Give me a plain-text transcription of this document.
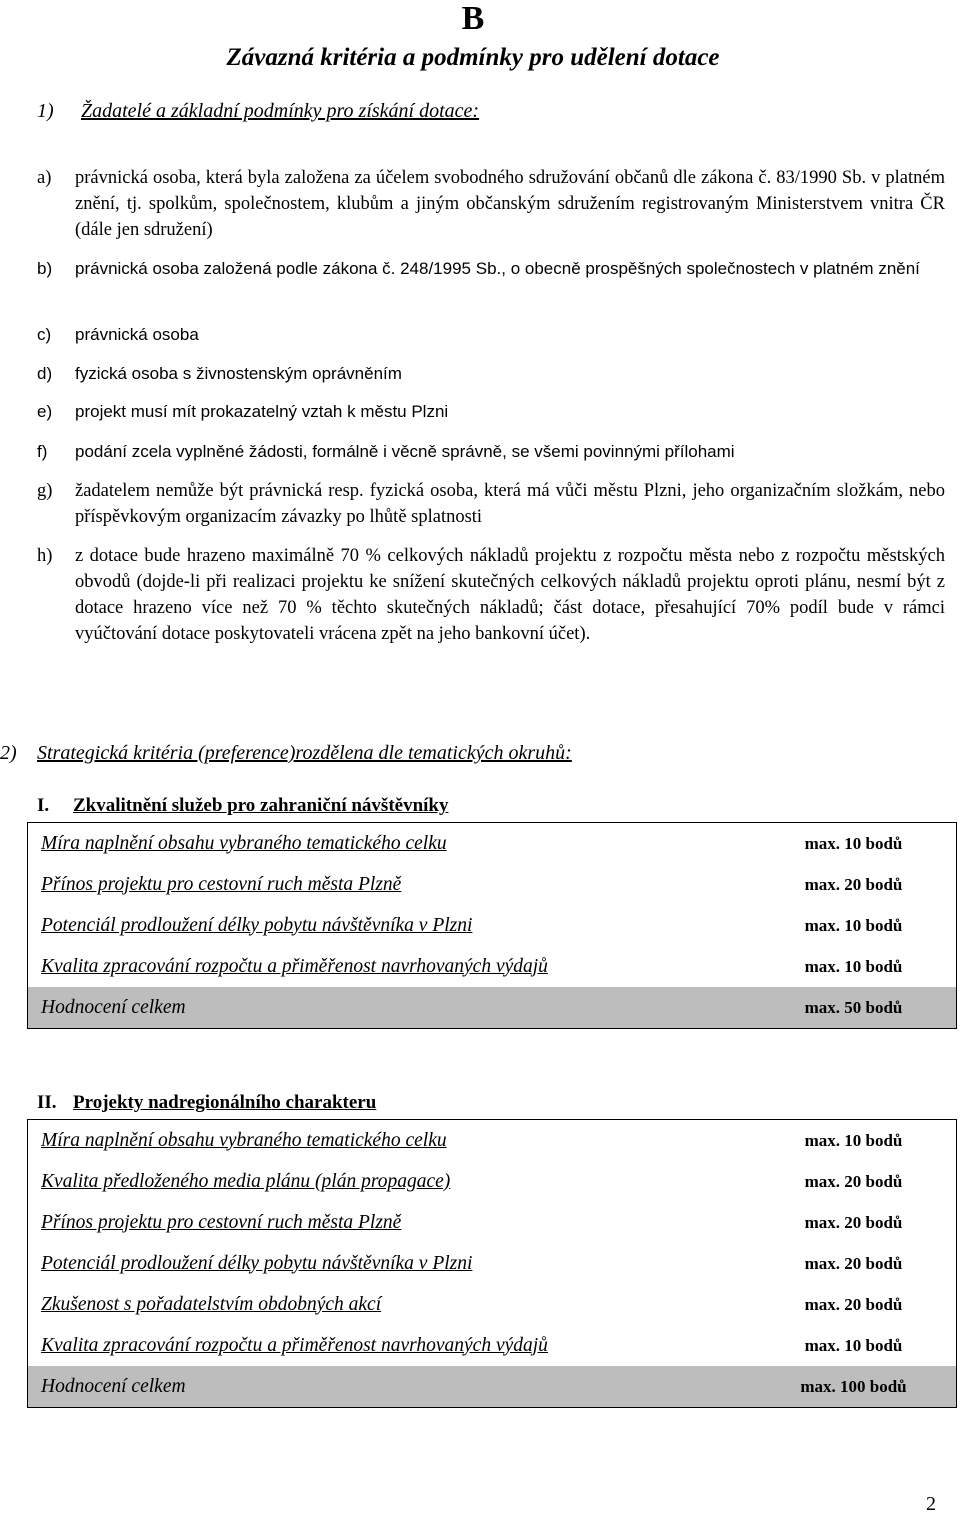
B
Závazná kritéria a podmínky pro udělení dotace
1) Žadatelé a základní podmínky pro získání dotace:
a) právnická osoba, která byla založena za účelem svobodného sdružování občanů dle zákona č. 83/1990 Sb. v platném znění, tj. spolkům, společnostem, klubům a jiným občanským sdružením registrovaným Ministerstvem vnitra ČR (dále jen sdružení)
b) právnická osoba založená podle zákona č. 248/1995 Sb., o obecně prospěšných společnostech v platném znění
c) právnická osoba
d) fyzická osoba s živnostenským oprávněním
e) projekt musí mít prokazatelný vztah k městu Plzni
f) podání zcela vyplněné žádosti, formálně i věcně správně, se všemi povinnými přílohami
g) žadatelem nemůže být právnická resp. fyzická osoba, která má vůči městu Plzni, jeho organizačním složkám, nebo příspěvkovým organizacím závazky po lhůtě splatnosti
h) z dotace bude hrazeno maximálně 70 % celkových nákladů projektu z rozpočtu města nebo z rozpočtu městských obvodů (dojde-li při realizaci projektu ke snížení skutečných celkových nákladů projektu oproti plánu, nesmí být z dotace hrazeno více než 70 % těchto skutečných nákladů; část dotace, přesahující 70% podíl bude v rámci vyúčtování dotace poskytovateli vrácena zpět na jeho bankovní účet).
2) Strategická kritéria (preference)rozdělena dle tematických okruhů:
I. Zkvalitnění služeb pro zahraniční návštěvníky
Míra naplnění obsahu vybraného tematického celku	max. 10 bodů
Přínos projektu pro cestovní ruch města Plzně	max. 20 bodů
Potenciál prodloužení délky pobytu návštěvníka v Plzni	max. 10 bodů
Kvalita zpracování rozpočtu a přiměřenost navrhovaných výdajů	max. 10 bodů
Hodnocení celkem	max. 50 bodů
II. Projekty nadregionálního charakteru
Míra naplnění obsahu vybraného tematického celku	max. 10 bodů
Kvalita předloženého media plánu (plán propagace)	max. 20 bodů
Přínos projektu pro cestovní ruch města Plzně	max. 20 bodů
Potenciál prodloužení délky pobytu návštěvníka v Plzni	max. 20 bodů
Zkušenost s pořadatelstvím obdobných akcí	max. 20 bodů
Kvalita zpracování rozpočtu a přiměřenost navrhovaných výdajů	max. 10 bodů
Hodnocení celkem	max. 100 bodů
2
